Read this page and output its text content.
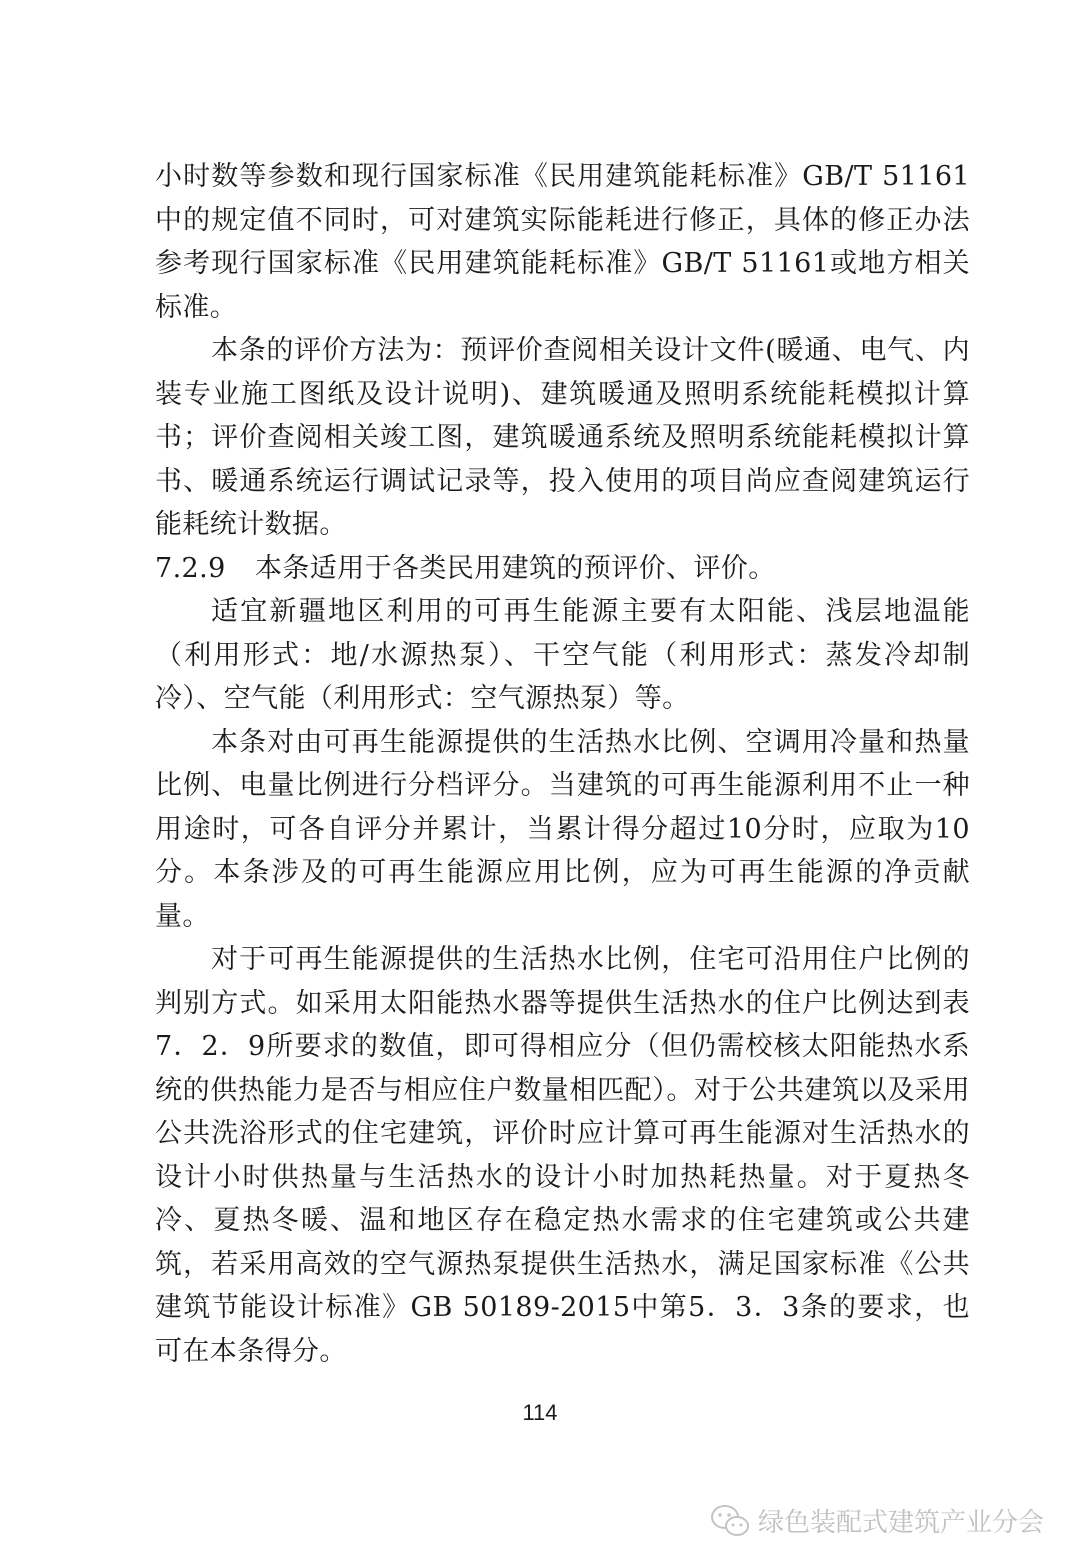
小时数等参数和现行国家标准《民用建筑能耗标准》GB/T 51161中的规定值不同时，可对建筑实际能耗进行修正，具体的修正办法参考现行国家标准《民用建筑能耗标准》GB/T 51161或地方相关标准。

本条的评价方法为：预评价查阅相关设计文件(暖通、电气、内装专业施工图纸及设计说明)、建筑暖通及照明系统能耗模拟计算书；评价查阅相关竣工图，建筑暖通系统及照明系统能耗模拟计算书、暖通系统运行调试记录等，投入使用的项目尚应查阅建筑运行能耗统计数据。

7.2.9 本条适用于各类民用建筑的预评价、评价。

适宜新疆地区利用的可再生能源主要有太阳能、浅层地温能（利用形式：地/水源热泵）、干空气能（利用形式：蒸发冷却制冷）、空气能（利用形式：空气源热泵）等。

本条对由可再生能源提供的生活热水比例、空调用冷量和热量比例、电量比例进行分档评分。当建筑的可再生能源利用不止一种用途时，可各自评分并累计，当累计得分超过10分时，应取为10分。本条涉及的可再生能源应用比例，应为可再生能源的净贡献量。

对于可再生能源提供的生活热水比例，住宅可沿用住户比例的判别方式。如采用太阳能热水器等提供生活热水的住户比例达到表7．2．9所要求的数值，即可得相应分（但仍需校核太阳能热水系统的供热能力是否与相应住户数量相匹配）。对于公共建筑以及采用公共洗浴形式的住宅建筑，评价时应计算可再生能源对生活热水的设计小时供热量与生活热水的设计小时加热耗热量。对于夏热冬冷、夏热冬暖、温和地区存在稳定热水需求的住宅建筑或公共建筑，若采用高效的空气源热泵提供生活热水，满足国家标准《公共建筑节能设计标准》GB 50189-2015中第5．3．3条的要求，也可在本条得分。

114
绿色装配式建筑产业分会
